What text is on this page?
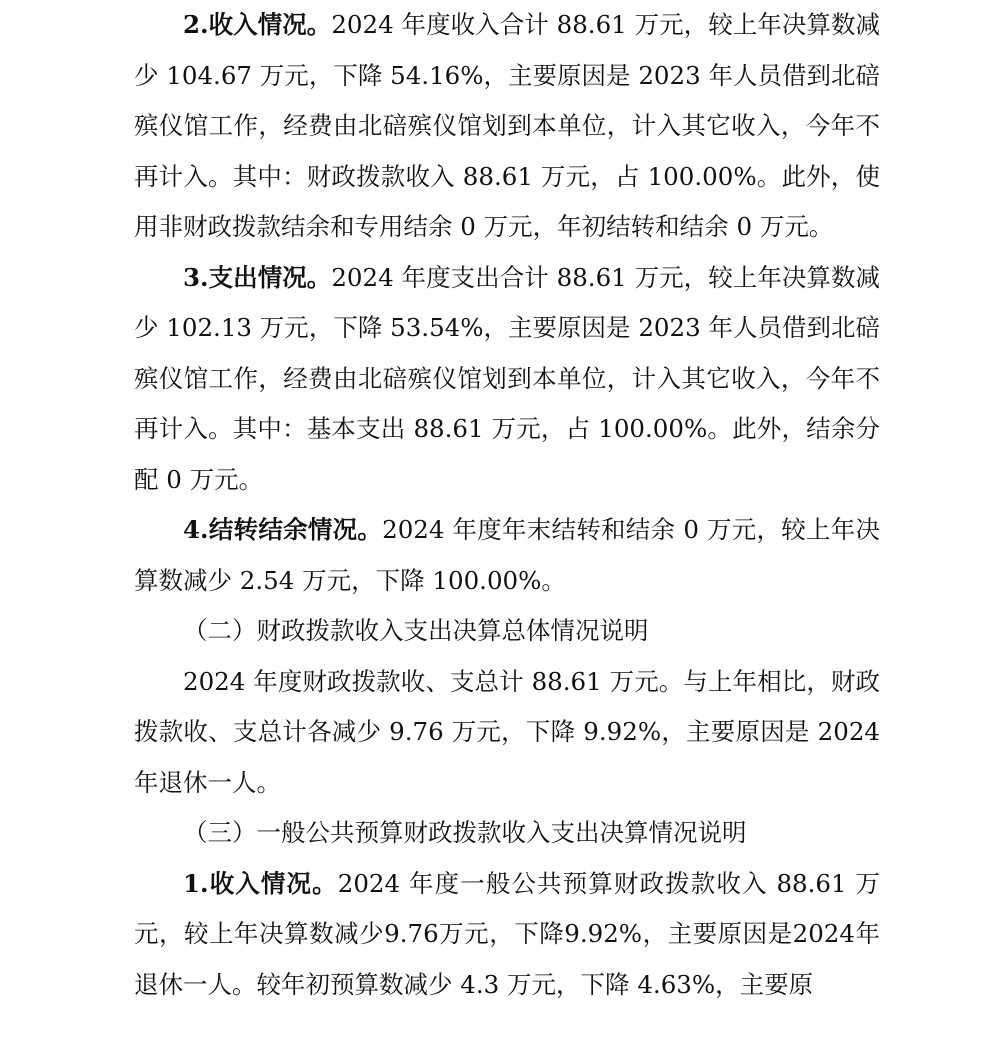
2.收入情况。2024 年度收入合计 88.61 万元，较上年决算数减少 104.67 万元，下降 54.16%，主要原因是 2023 年人员借到北碚殡仪馆工作，经费由北碚殡仪馆划到本单位，计入其它收入，今年不再计入。其中：财政拨款收入 88.61 万元，占 100.00%。此外，使用非财政拨款结余和专用结余 0 万元，年初结转和结余 0 万元。

3.支出情况。2024 年度支出合计 88.61 万元，较上年决算数减少 102.13 万元，下降 53.54%，主要原因是 2023 年人员借到北碚殡仪馆工作，经费由北碚殡仪馆划到本单位，计入其它收入，今年不再计入。其中：基本支出 88.61 万元，占 100.00%。此外，结余分配 0 万元。

4.结转结余情况。2024 年度年末结转和结余 0 万元，较上年决算数减少 2.54 万元，下降 100.00%。

（二）财政拨款收入支出决算总体情况说明

2024 年度财政拨款收、支总计 88.61 万元。与上年相比，财政拨款收、支总计各减少 9.76 万元，下降 9.92%，主要原因是 2024 年退休一人。

（三）一般公共预算财政拨款收入支出决算情况说明

1.收入情况。2024 年度一般公共预算财政拨款收入 88.61 万元，较上年决算数减少9.76万元，下降9.92%，主要原因是2024年退休一人。较年初预算数减少 4.3 万元，下降 4.63%，主要原
